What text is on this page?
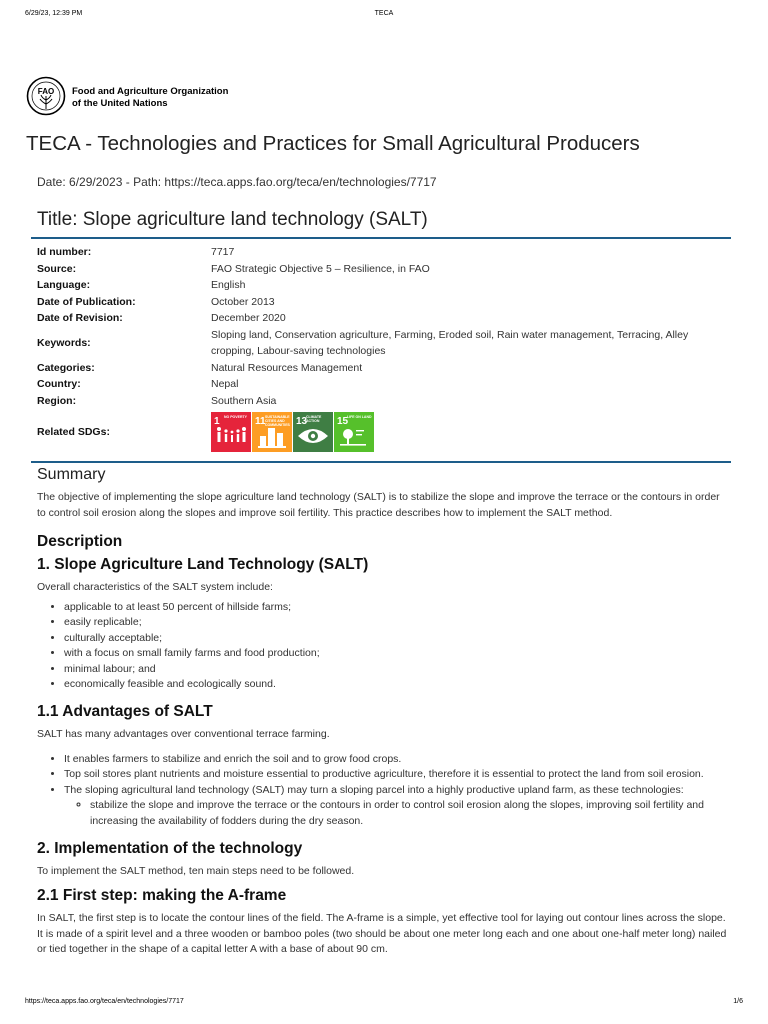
6/29/23, 12:39 PM	TECA
FAO Food and Agriculture Organization
of the United Nations
TECA - Technologies and Practices for Small Agricultural Producers
Date: 6/29/2023 - Path: https://teca.apps.fao.org/teca/en/technologies/7717
Title: Slope agriculture land technology (SALT)
Id number:	7717
Source:	FAO Strategic Objective 5 – Resilience, in FAO
Language:	English
Date of Publication:	October 2013
Date of Revision:	December 2020
Keywords:
Sloping land, Conservation agriculture, Farming, Eroded soil, Rain water management, Terracing, Alley cropping, Labour-saving technologies
Categories:	Natural Resources Management
Country:	Nepal
Region:	Southern Asia
Related SDGs:
1 NO POVERTY 11 SUSTAINABLE CITIES AND COMMUNITIES 13
CLIMATE ACTION	15
LIFE ON LAND
Summary

The objective of implementing the slope agriculture land technology (SALT) is to stabilize the slope and improve the terrace or the contours in order to control soil erosion along the slopes and improve soil fertility. This practice describes how to implement the SALT method.

Description
1. Slope Agriculture Land Technology (SALT)

Overall characteristics of the SALT system include:

• applicable to at least 50 percent of hillside farms;
• easily replicable;
• culturally acceptable;
• with a focus on small family farms and food production;
• minimal labour; and
• economically feasible and ecologically sound.
1.1 Advantages of SALT

SALT has many advantages over conventional terrace farming.

• It enables farmers to stabilize and enrich the soil and to grow food crops.
• Top soil stores plant nutrients and moisture essential to productive agriculture, therefore it is essential to protect the land from soil erosion.
• The sloping agricultural land technology (SALT) may turn a sloping parcel into a highly productive upland farm, as these technologies:
◦ stabilize the slope and improve the terrace or the contours in order to control soil erosion along the slopes, improving soil fertility and increasing the availability of fodders during the dry season.
2. Implementation of the technology

To implement the SALT method, ten main steps need to be followed.

2.1 First step: making the A-frame

In SALT, the first step is to locate the contour lines of the field. The A-frame is a simple, yet effective tool for laying out contour lines across the slope. It is made of a spirit level and a three wooden or bamboo poles (two should be about one meter long each and one about one-half meter long) nailed or tied together in the shape of a capital letter A with a base of about 90 cm.

https://teca.apps.fao.org/teca/en/technologies/7717	1/6
